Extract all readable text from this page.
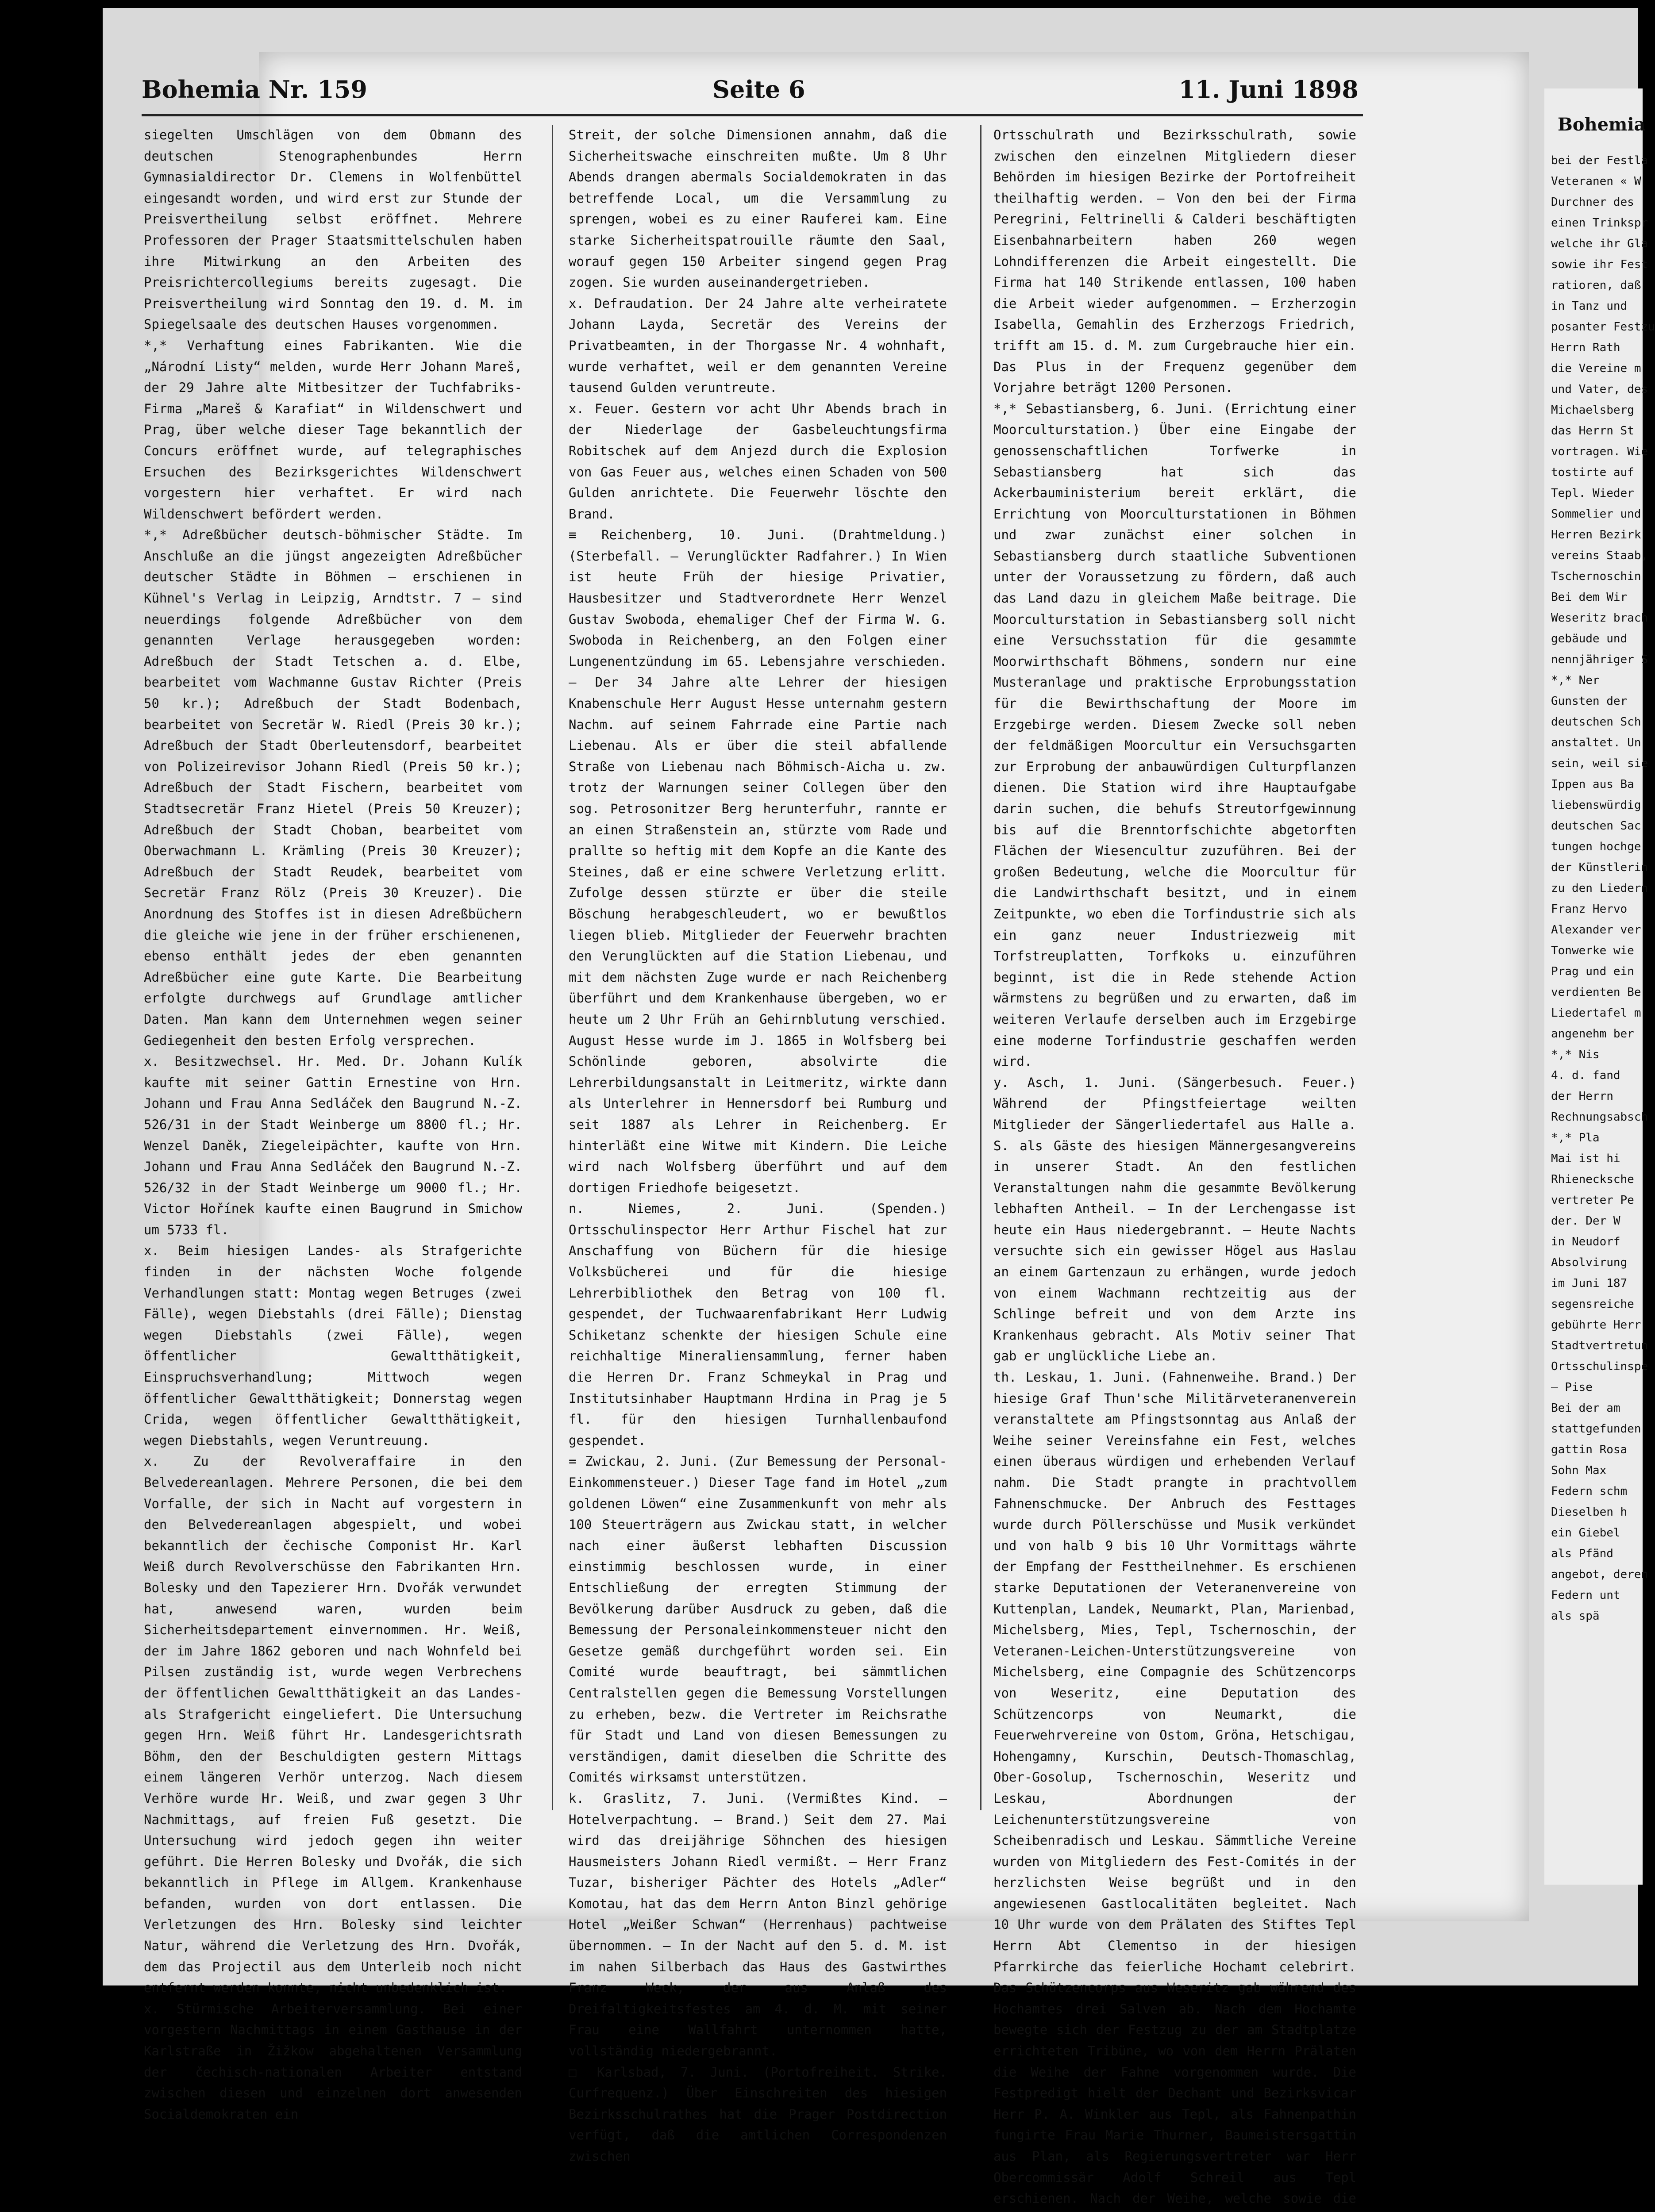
Bohemia Nr. 159	Seite 6	11. Juni 1898

siegelten Umschlägen von dem Obmann des deutschen Stenographenbundes Herrn Gymnasialdirector Dr. Clemens in Wolfenbüttel eingesandt worden, und wird erst zur Stunde der Preisvertheilung selbst eröffnet. Mehrere Professoren der Prager Staatsmittelschulen haben ihre Mitwirkung an den Arbeiten des Preisrichtercollegiums bereits zugesagt. Die Preisvertheilung wird Sonntag den 19. d. M. im Spiegelsaale des deutschen Hauses vorgenommen.

*,* Verhaftung eines Fabrikanten. Wie die „Národní Listy“ melden, wurde Herr Johann Mareš, der 29 Jahre alte Mitbesitzer der Tuchfabriks-Firma „Mareš & Karafiat“ in Wildenschwert und Prag, über welche dieser Tage bekanntlich der Concurs eröffnet wurde, auf telegraphisches Ersuchen des Bezirksgerichtes Wildenschwert vorgestern hier verhaftet. Er wird nach Wildenschwert befördert werden.

*,* Adreßbücher deutsch-böhmischer Städte. Im Anschluße an die jüngst angezeigten Adreßbücher deutscher Städte in Böhmen — erschienen in Kühnel's Verlag in Leipzig, Arndtstr. 7 — sind neuerdings folgende Adreßbücher von dem genannten Verlage herausgegeben worden: Adreßbuch der Stadt Tetschen a. d. Elbe, bearbeitet vom Wachmanne Gustav Richter (Preis 50 kr.); Adreßbuch der Stadt Bodenbach, bearbeitet von Secretär W. Riedl (Preis 30 kr.); Adreßbuch der Stadt Oberleutensdorf, bearbeitet von Polizeirevisor Johann Riedl (Preis 50 kr.); Adreßbuch der Stadt Fischern, bearbeitet vom Stadtsecretär Franz Hietel (Preis 50 Kreuzer); Adreßbuch der Stadt Choban, bearbeitet vom Oberwachmann L. Krämling (Preis 30 Kreuzer); Adreßbuch der Stadt Reudek, bearbeitet vom Secretär Franz Rölz (Preis 30 Kreuzer). Die Anordnung des Stoffes ist in diesen Adreßbüchern die gleiche wie jene in der früher erschienenen, ebenso enthält jedes der eben genannten Adreßbücher eine gute Karte. Die Bearbeitung erfolgte durchwegs auf Grundlage amtlicher Daten. Man kann dem Unternehmen wegen seiner Gediegenheit den besten Erfolg versprechen.

x. Besitzwechsel. Hr. Med. Dr. Johann Kulík kaufte mit seiner Gattin Ernestine von Hrn. Johann und Frau Anna Sedláček den Baugrund N.-Z. 526/31 in der Stadt Weinberge um 8800 fl.; Hr. Wenzel Daněk, Ziegeleipächter, kaufte von Hrn. Johann und Frau Anna Sedláček den Baugrund N.-Z. 526/32 in der Stadt Weinberge um 9000 fl.; Hr. Victor Hořínek kaufte einen Baugrund in Smichow um 5733 fl.

x. Beim hiesigen Landes- als Strafgerichte finden in der nächsten Woche folgende Verhandlungen statt: Montag wegen Betruges (zwei Fälle), wegen Diebstahls (drei Fälle); Dienstag wegen Diebstahls (zwei Fälle), wegen öffentlicher Gewaltthätigkeit, Einspruchsverhandlung; Mittwoch wegen öffentlicher Gewaltthätigkeit; Donnerstag wegen Crida, wegen öffentlicher Gewaltthätigkeit, wegen Diebstahls, wegen Veruntreuung.

x. Zu der Revolveraffaire in den Belvedereanlagen. Mehrere Personen, die bei dem Vorfalle, der sich in Nacht auf vorgestern in den Belvedereanlagen abgespielt, und wobei bekanntlich der čechische Componist Hr. Karl Weiß durch Revolverschüsse den Fabrikanten Hrn. Bolesky und den Tapezierer Hrn. Dvořák verwundet hat, anwesend waren, wurden beim Sicherheitsdepartement einvernommen. Hr. Weiß, der im Jahre 1862 geboren und nach Wohnfeld bei Pilsen zuständig ist, wurde wegen Verbrechens der öffentlichen Gewaltthätigkeit an das Landes- als Strafgericht eingeliefert. Die Untersuchung gegen Hrn. Weiß führt Hr. Landesgerichtsrath Böhm, den der Beschuldigten gestern Mittags einem längeren Verhör unterzog. Nach diesem Verhöre wurde Hr. Weiß, und zwar gegen 3 Uhr Nachmittags, auf freien Fuß gesetzt. Die Untersuchung wird jedoch gegen ihn weiter geführt. Die Herren Bolesky und Dvořák, die sich bekanntlich in Pflege im Allgem. Krankenhause befanden, wurden von dort entlassen. Die Verletzungen des Hrn. Bolesky sind leichter Natur, während die Verletzung des Hrn. Dvořák, dem das Projectil aus dem Unterleib noch nicht entfernt werden konnte, nicht unbedenklich ist.

x. Stürmische Arbeiterversammlung. Bei einer vorgestern Nachmittags in einem Gasthause in der Karlstraße in Žižkow abgehaltenen Versammlung der čechisch-nationalen Arbeiter entstand zwischen diesen und einzelnen dort anwesenden Socialdemokraten ein

Streit, der solche Dimensionen annahm, daß die Sicherheitswache einschreiten mußte. Um 8 Uhr Abends drangen abermals Socialdemokraten in das betreffende Local, um die Versammlung zu sprengen, wobei es zu einer Rauferei kam. Eine starke Sicherheitspatrouille räumte den Saal, worauf gegen 150 Arbeiter singend gegen Prag zogen. Sie wurden auseinandergetrieben.

x. Defraudation. Der 24 Jahre alte verheiratete Johann Layda, Secretär des Vereins der Privatbeamten, in der Thorgasse Nr. 4 wohnhaft, wurde verhaftet, weil er dem genannten Vereine tausend Gulden veruntreute.

x. Feuer. Gestern vor acht Uhr Abends brach in der Niederlage der Gasbeleuchtungsfirma Robitschek auf dem Anjezd durch die Explosion von Gas Feuer aus, welches einen Schaden von 500 Gulden anrichtete. Die Feuerwehr löschte den Brand.

≡ Reichenberg, 10. Juni. (Drahtmeldung.) (Sterbefall. — Verunglückter Radfahrer.) In Wien ist heute Früh der hiesige Privatier, Hausbesitzer und Stadtverordnete Herr Wenzel Gustav Swoboda, ehemaliger Chef der Firma W. G. Swoboda in Reichenberg, an den Folgen einer Lungenentzündung im 65. Lebensjahre verschieden. — Der 34 Jahre alte Lehrer der hiesigen Knabenschule Herr August Hesse unternahm gestern Nachm. auf seinem Fahrrade eine Partie nach Liebenau. Als er über die steil abfallende Straße von Liebenau nach Böhmisch-Aicha u. zw. trotz der Warnungen seiner Collegen über den sog. Petrosonitzer Berg herunterfuhr, rannte er an einen Straßenstein an, stürzte vom Rade und prallte so heftig mit dem Kopfe an die Kante des Steines, daß er eine schwere Verletzung erlitt. Zufolge dessen stürzte er über die steile Böschung herabgeschleudert, wo er bewußtlos liegen blieb. Mitglieder der Feuerwehr brachten den Verunglückten auf die Station Liebenau, und mit dem nächsten Zuge wurde er nach Reichenberg überführt und dem Krankenhause übergeben, wo er heute um 2 Uhr Früh an Gehirnblutung verschied. August Hesse wurde im J. 1865 in Wolfsberg bei Schönlinde geboren, absolvirte die Lehrerbildungsanstalt in Leitmeritz, wirkte dann als Unterlehrer in Hennersdorf bei Rumburg und seit 1887 als Lehrer in Reichenberg. Er hinterläßt eine Witwe mit Kindern. Die Leiche wird nach Wolfsberg überführt und auf dem dortigen Friedhofe beigesetzt.

n. Niemes, 2. Juni. (Spenden.) Ortsschulinspector Herr Arthur Fischel hat zur Anschaffung von Büchern für die hiesige Volksbücherei und für die hiesige Lehrerbibliothek den Betrag von 100 fl. gespendet, der Tuchwaarenfabrikant Herr Ludwig Schiketanz schenkte der hiesigen Schule eine reichhaltige Mineraliensammlung, ferner haben die Herren Dr. Franz Schmeykal in Prag und Institutsinhaber Hauptmann Hrdina in Prag je 5 fl. für den hiesigen Turnhallenbaufond gespendet.

= Zwickau, 2. Juni. (Zur Bemessung der Personal-Einkommensteuer.) Dieser Tage fand im Hotel „zum goldenen Löwen“ eine Zusammenkunft von mehr als 100 Steuerträgern aus Zwickau statt, in welcher nach einer äußerst lebhaften Discussion einstimmig beschlossen wurde, in einer Entschließung der erregten Stimmung der Bevölkerung darüber Ausdruck zu geben, daß die Bemessung der Personaleinkommensteuer nicht den Gesetze gemäß durchgeführt worden sei. Ein Comité wurde beauftragt, bei sämmtlichen Centralstellen gegen die Bemessung Vorstellungen zu erheben, bezw. die Vertreter im Reichsrathe für Stadt und Land von diesen Bemessungen zu verständigen, damit dieselben die Schritte des Comités wirksamst unterstützen.

k. Graslitz, 7. Juni. (Vermißtes Kind. — Hotelverpachtung. — Brand.) Seit dem 27. Mai wird das dreijährige Söhnchen des hiesigen Hausmeisters Johann Riedl vermißt. — Herr Franz Tuzar, bisheriger Pächter des Hotels „Adler“ Komotau, hat das dem Herrn Anton Binzl gehörige Hotel „Weißer Schwan“ (Herrenhaus) pachtweise übernommen. — In der Nacht auf den 5. d. M. ist im nahen Silberbach das Haus des Gastwirthes Franz Weck, der aus Anlaß des Dreifaltigkeitsfestes am 4. d. M. mit seiner Frau eine Wallfahrt unternommen hatte, vollständig niedergebrannt.

□ Karlsbad, 7. Juni. (Portofreiheit. Strike. Curfrequenz.) Über Einschreiten des hiesigen Bezirksschulrathes hat die Prager Postdirection verfügt, daß die amtlichen Correspondenzen zwischen

Ortsschulrath und Bezirksschulrath, sowie zwischen den einzelnen Mitgliedern dieser Behörden im hiesigen Bezirke der Portofreiheit theilhaftig werden. — Von den bei der Firma Peregrini, Feltrinelli & Calderi beschäftigten Eisenbahnarbeitern haben 260 wegen Lohndifferenzen die Arbeit eingestellt. Die Firma hat 140 Strikende entlassen, 100 haben die Arbeit wieder aufgenommen. — Erzherzogin Isabella, Gemahlin des Erzherzogs Friedrich, trifft am 15. d. M. zum Curgebrauche hier ein. Das Plus in der Frequenz gegenüber dem Vorjahre beträgt 1200 Personen.

*,* Sebastiansberg, 6. Juni. (Errichtung einer Moorculturstation.) Über eine Eingabe der genossenschaftlichen Torfwerke in Sebastiansberg hat sich das Ackerbauministerium bereit erklärt, die Errichtung von Moorculturstationen in Böhmen und zwar zunächst einer solchen in Sebastiansberg durch staatliche Subventionen unter der Voraussetzung zu fördern, daß auch das Land dazu in gleichem Maße beitrage. Die Moorculturstation in Sebastiansberg soll nicht eine Versuchsstation für die gesammte Moorwirthschaft Böhmens, sondern nur eine Musteranlage und praktische Erprobungsstation für die Bewirthschaftung der Moore im Erzgebirge werden. Diesem Zwecke soll neben der feldmäßigen Moorcultur ein Versuchsgarten zur Erprobung der anbauwürdigen Culturpflanzen dienen. Die Station wird ihre Hauptaufgabe darin suchen, die behufs Streutorfgewinnung bis auf die Brenntorfschichte abgetorften Flächen der Wiesencultur zuzuführen. Bei der großen Bedeutung, welche die Moorcultur für die Landwirthschaft besitzt, und in einem Zeitpunkte, wo eben die Torfindustrie sich als ein ganz neuer Industriezweig mit Torfstreuplatten, Torfkoks u. einzuführen beginnt, ist die in Rede stehende Action wärmstens zu begrüßen und zu erwarten, daß im weiteren Verlaufe derselben auch im Erzgebirge eine moderne Torfindustrie geschaffen werden wird.

y. Asch, 1. Juni. (Sängerbesuch. Feuer.) Während der Pfingstfeiertage weilten Mitglieder der Sängerliedertafel aus Halle a. S. als Gäste des hiesigen Männergesangvereins in unserer Stadt. An den festlichen Veranstaltungen nahm die gesammte Bevölkerung lebhaften Antheil. — In der Lerchengasse ist heute ein Haus niedergebrannt. — Heute Nachts versuchte sich ein gewisser Högel aus Haslau an einem Gartenzaun zu erhängen, wurde jedoch von einem Wachmann rechtzeitig aus der Schlinge befreit und von dem Arzte ins Krankenhaus gebracht. Als Motiv seiner That gab er unglückliche Liebe an.

th. Leskau, 1. Juni. (Fahnenweihe. Brand.) Der hiesige Graf Thun'sche Militärveteranenverein veranstaltete am Pfingstsonntag aus Anlaß der Weihe seiner Vereinsfahne ein Fest, welches einen überaus würdigen und erhebenden Verlauf nahm. Die Stadt prangte in prachtvollem Fahnenschmucke. Der Anbruch des Festtages wurde durch Pöllerschüsse und Musik verkündet und von halb 9 bis 10 Uhr Vormittags währte der Empfang der Festtheilnehmer. Es erschienen starke Deputationen der Veteranenvereine von Kuttenplan, Landek, Neumarkt, Plan, Marienbad, Michelsberg, Mies, Tepl, Tschernoschin, der Veteranen-Leichen-Unterstützungsvereine von Michelsberg, eine Compagnie des Schützencorps von Weseritz, eine Deputation des Schützencorps von Neumarkt, die Feuerwehrvereine von Ostom, Gröna, Hetschigau, Hohengamny, Kurschin, Deutsch-Thomaschlag, Ober-Gosolup, Tschernoschin, Weseritz und Leskau, Abordnungen der Leichenunterstützungsvereine von Scheibenradisch und Leskau. Sämmtliche Vereine wurden von Mitgliedern des Fest-Comités in der herzlichsten Weise begrüßt und in den angewiesenen Gastlocalitäten begleitet. Nach 10 Uhr wurde von dem Prälaten des Stiftes Tepl Herrn Abt Clementso in der hiesigen Pfarrkirche das feierliche Hochamt celebrirt. Das Schützencorps aus Weseritz gab während des Hochamtes drei Salven ab. Nach dem Hochamte bewegte sich der Festzug zu der am Stadtplatze errichteten Tribüne, wo von dem Herrn Prälaten die Weihe der Fahne vorgenommen wurde. Die Festpredigt hielt der Dechant und Bezirksvicar Herr P. A. Winkler aus Tepl, als Fahnenpathin fungirte Frau Marie Thurner, Baumeistersgattin aus Plan, als Regierungsvertreter war Herr Obercommissär Adolf Schreil aus Tepl erschienen. Nach der Weihe, welche sowie die

Bohemia
bei der Festla
Veteranen « W
Durchner des
einen Trinkspr
welche ihr Gla
sowie ihr Fest
ratioren, daß
in Tanz und
posanter Festzu
Herrn Rath
die Vereine m
und Vater, des
Michaelsberg
das Herrn St
vortragen. Wie
tostirte auf
Tepl. Wieder
Sommelier und
Herren Bezirk
vereins Staab,
Tschernoschin
Bei dem Wir
Weseritz brach
gebäude und
nennjähriger S
*,* Ner
Gunsten der
deutschen Sch
anstaltet. Un
sein, weil sie
Ippen aus Ba
liebenswürdig
deutschen Sac
tungen hochge
der Künstlerin
zu den Liedern
Franz Hervo
Alexander ver
Tonwerke wie
Prag und ein
verdienten Be
Liedertafel m
angenehm ber
*,* Nis
4. d. fand
der Herrn
Rechnungsabsch
*,* Pla
Mai ist hi
Rhienecksche
vertreter Pe
der. Der W
in Neudorf
Absolvirung
im Juni 187
segensreiche
gebührte Herr
Stadtvertretun
Ortsschulinspe
— Pise
Bei der am
stattgefunden
gattin Rosa
Sohn Max
Federn schm
Dieselben h
ein Giebel
als Pfänd
angebot, deren
Federn unt
als spä
